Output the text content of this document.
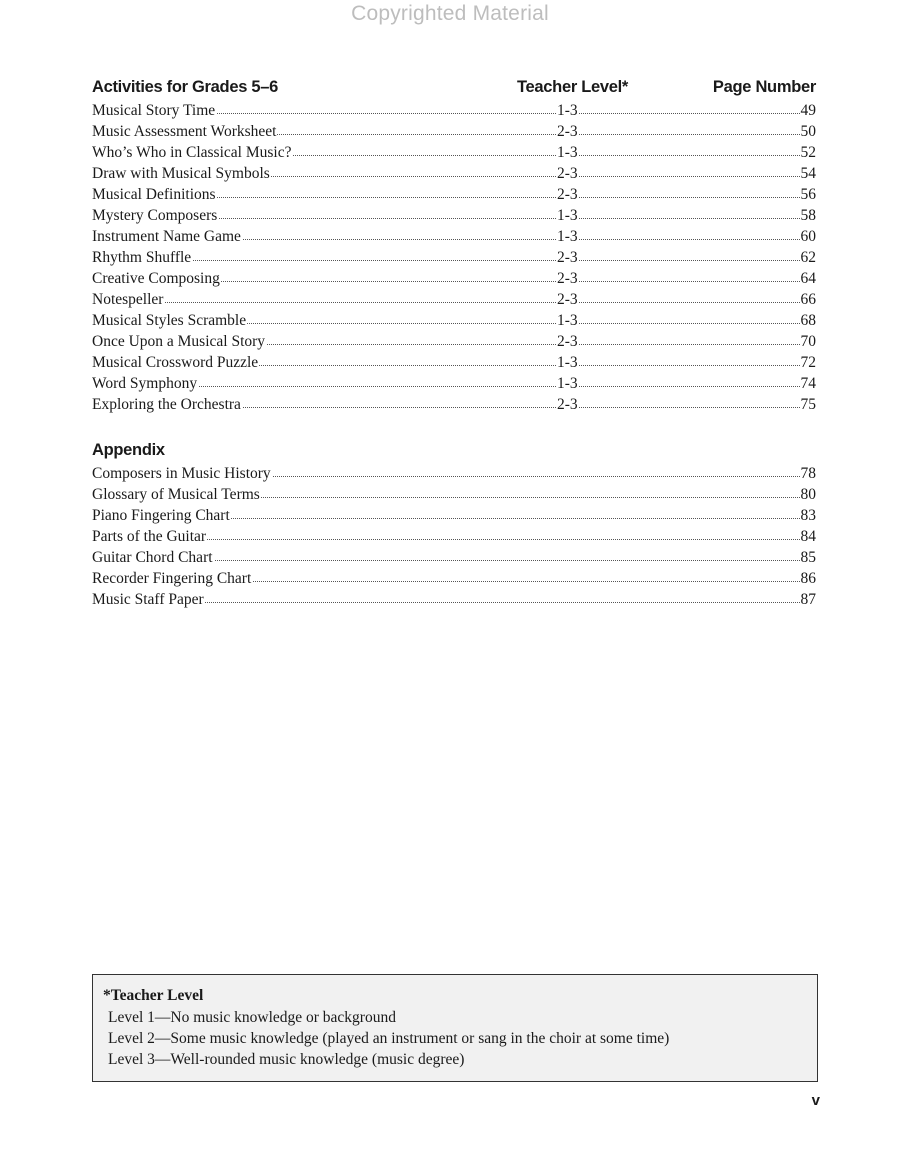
Copyrighted Material
Activities for Grades 5–6	Teacher Level*	Page Number
Musical Story Time	1-3	49
Music Assessment Worksheet	2-3	50
Who’s Who in Classical Music?	1-3	52
Draw with Musical Symbols	2-3	54
Musical Definitions	2-3	56
Mystery Composers	1-3	58
Instrument Name Game	1-3	60
Rhythm Shuffle	2-3	62
Creative Composing	2-3	64
Notespeller	2-3	66
Musical Styles Scramble	1-3	68
Once Upon a Musical Story	2-3	70
Musical Crossword Puzzle	1-3	72
Word Symphony	1-3	74
Exploring the Orchestra	2-3	75
Appendix
Composers in Music History	78
Glossary of Musical Terms	80
Piano Fingering Chart	83
Parts of the Guitar	84
Guitar Chord Chart	85
Recorder Fingering Chart	86
Music Staff Paper	87
*Teacher Level
Level 1—No music knowledge or background
Level 2—Some music knowledge (played an instrument or sang in the choir at some time)
Level 3—Well-rounded music knowledge (music degree)
v
